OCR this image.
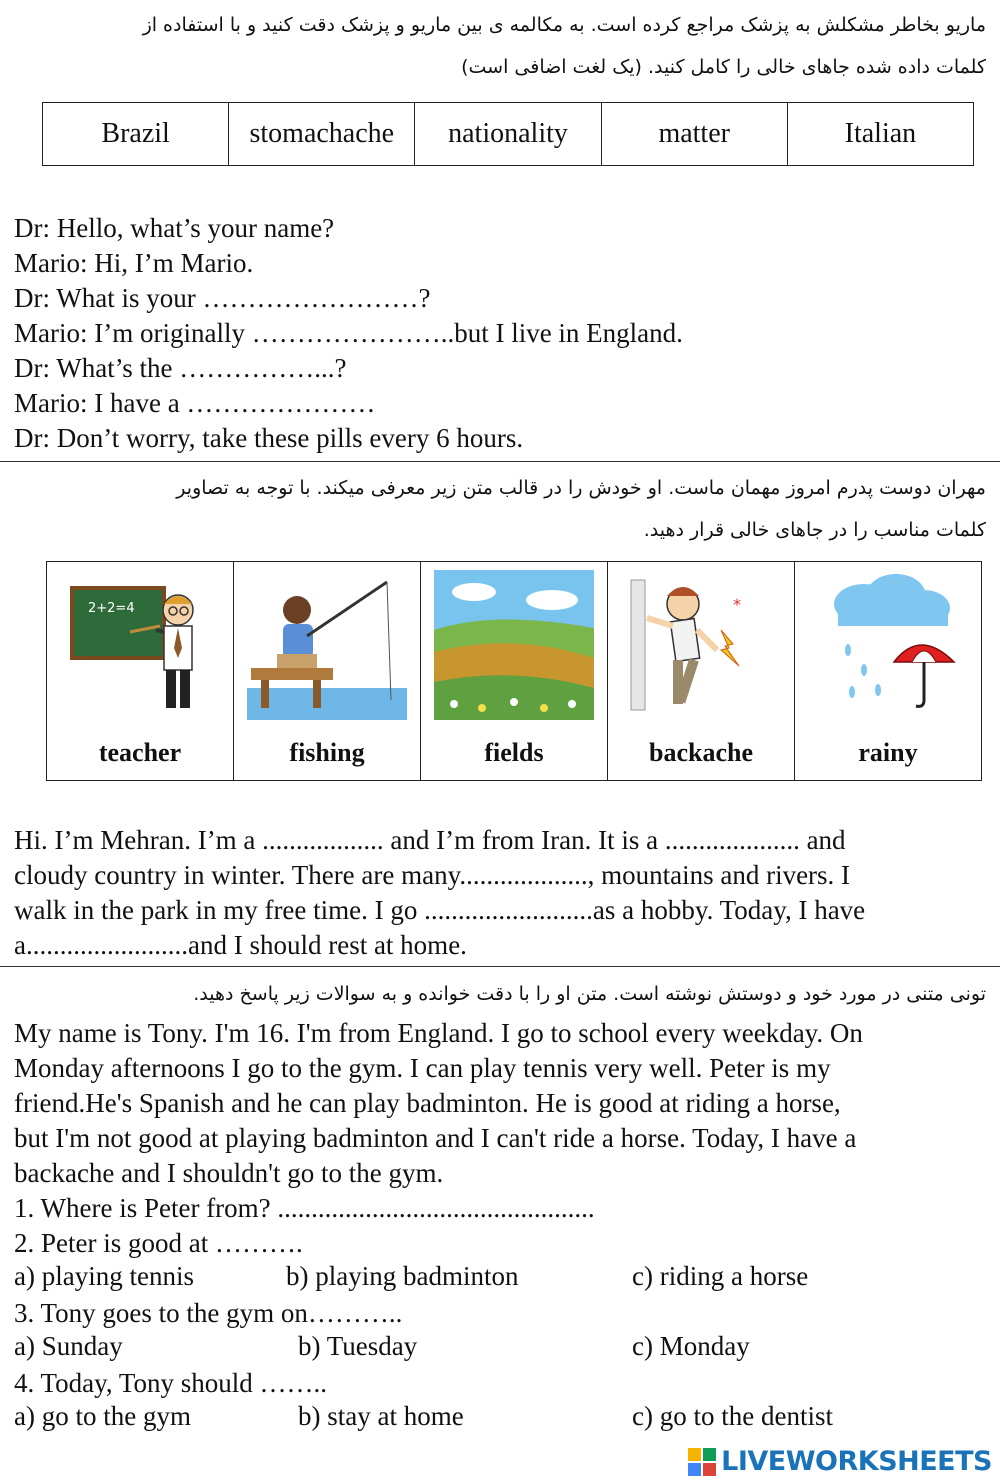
ماریو بخاطر مشکلش به پزشک مراجع کرده است. به مکالمه ی بین ماریو و پزشک دقت کنید و با استفاده از
کلمات داده شده جاهای خالی را کامل کنید. (یک لغت اضافی است)
Brazil	stomachache	nationality	matter	Italian
Dr: Hello, what’s your name?
Mario: Hi, I’m Mario.
Dr: What is your ……………………?
Mario: I’m originally …………………..but I live in England.
Dr: What’s the ……………...?
Mario: I have a …………………
Dr: Don’t worry, take these pills every 6 hours.
مهران دوست پدرم امروز مهمان ماست. او خودش را در قالب متن زیر معرفی میکند. با توجه به تصاویر
کلمات مناسب را در جاهای خالی قرار دهید.
2+2=4
teacher	fishing	fields
*
backache	rainy
Hi. I’m Mehran. I’m a .................. and I’m from Iran. It is a .................... and
cloudy country in winter. There are many..................., mountains and rivers. I
walk in the park in my free time. I go .........................as a hobby. Today, I have
a........................and I should rest at home.
تونی متنی در مورد خود و دوستش نوشته است. متن او را با دقت خوانده و به سوالات زیر پاسخ دهید.
My name is Tony. I'm 16. I'm from England. I go to school every weekday. On
Monday afternoons I go to the gym. I can play tennis very well. Peter is my
friend.He's Spanish and he can play badminton. He is good at riding a horse,
but I'm not good at playing badminton and I can't ride a horse. Today, I have a
backache and I shouldn't go to the gym.
1. Where is Peter from? ...............................................
2. Peter is good at ……….
a) playing tennis	b) playing badminton	c) riding a horse
3. Tony goes to the gym on………..
a) Sunday	b) Tuesday	c) Monday
4. Today, Tony should ……..
a) go to the gym	b) stay at home	c) go to the dentist
LIVEWORKSHEETS
